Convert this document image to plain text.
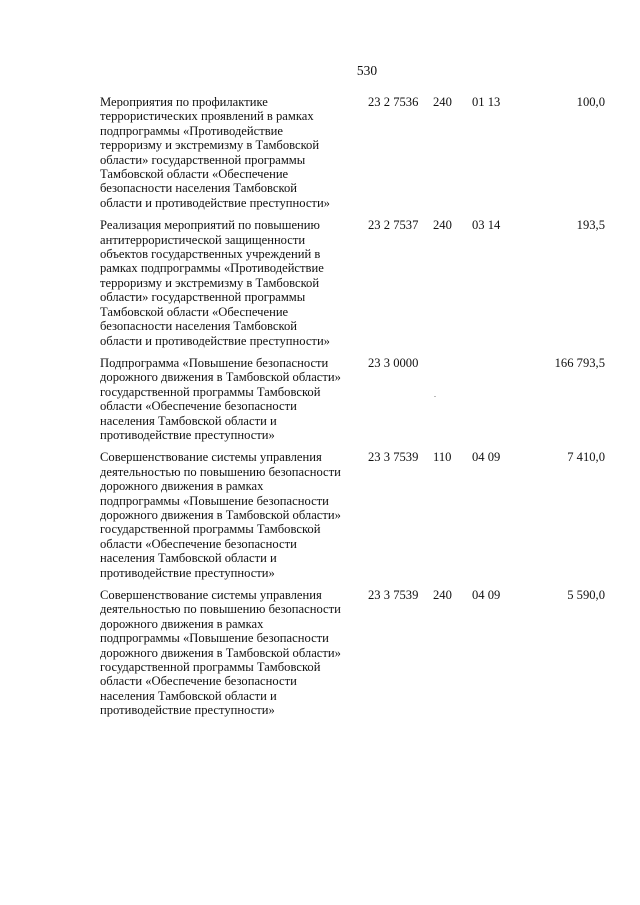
530
Мероприятия по профилактике
террористических проявлений в рамках
подпрограммы «Противодействие
терроризму и экстремизму в Тамбовской
области» государственной программы
Тамбовской области «Обеспечение
безопасности населения Тамбовской
области и противодействие преступности»
23 2 7536 240 01 13	100,0
Реализация мероприятий по повышению
антитеррористической защищенности
объектов государственных учреждений в
рамках подпрограммы «Противодействие
терроризму и экстремизму в Тамбовской
области» государственной программы
Тамбовской области «Обеспечение
безопасности населения Тамбовской
области и противодействие преступности»
23 2 7537 240 03 14	193,5
Подпрограмма «Повышение безопасности
дорожного движения в Тамбовской области»
государственной программы Тамбовской
области «Обеспечение безопасности
населения Тамбовской области и
противодействие преступности»
23 3 0000	166 793,5
Совершенствование системы управления
деятельностью по повышению безопасности
дорожного движения в рамках
подпрограммы «Повышение безопасности
дорожного движения в Тамбовской области»
государственной программы Тамбовской
области «Обеспечение безопасности
населения Тамбовской области и
противодействие преступности»
23 3 7539 110 04 09	7 410,0
Совершенствование системы управления
деятельностью по повышению безопасности
дорожного движения в рамках
подпрограммы «Повышение безопасности
дорожного движения в Тамбовской области»
государственной программы Тамбовской
области «Обеспечение безопасности
населения Тамбовской области и
противодействие преступности»
23 3 7539 240 04 09	5 590,0
